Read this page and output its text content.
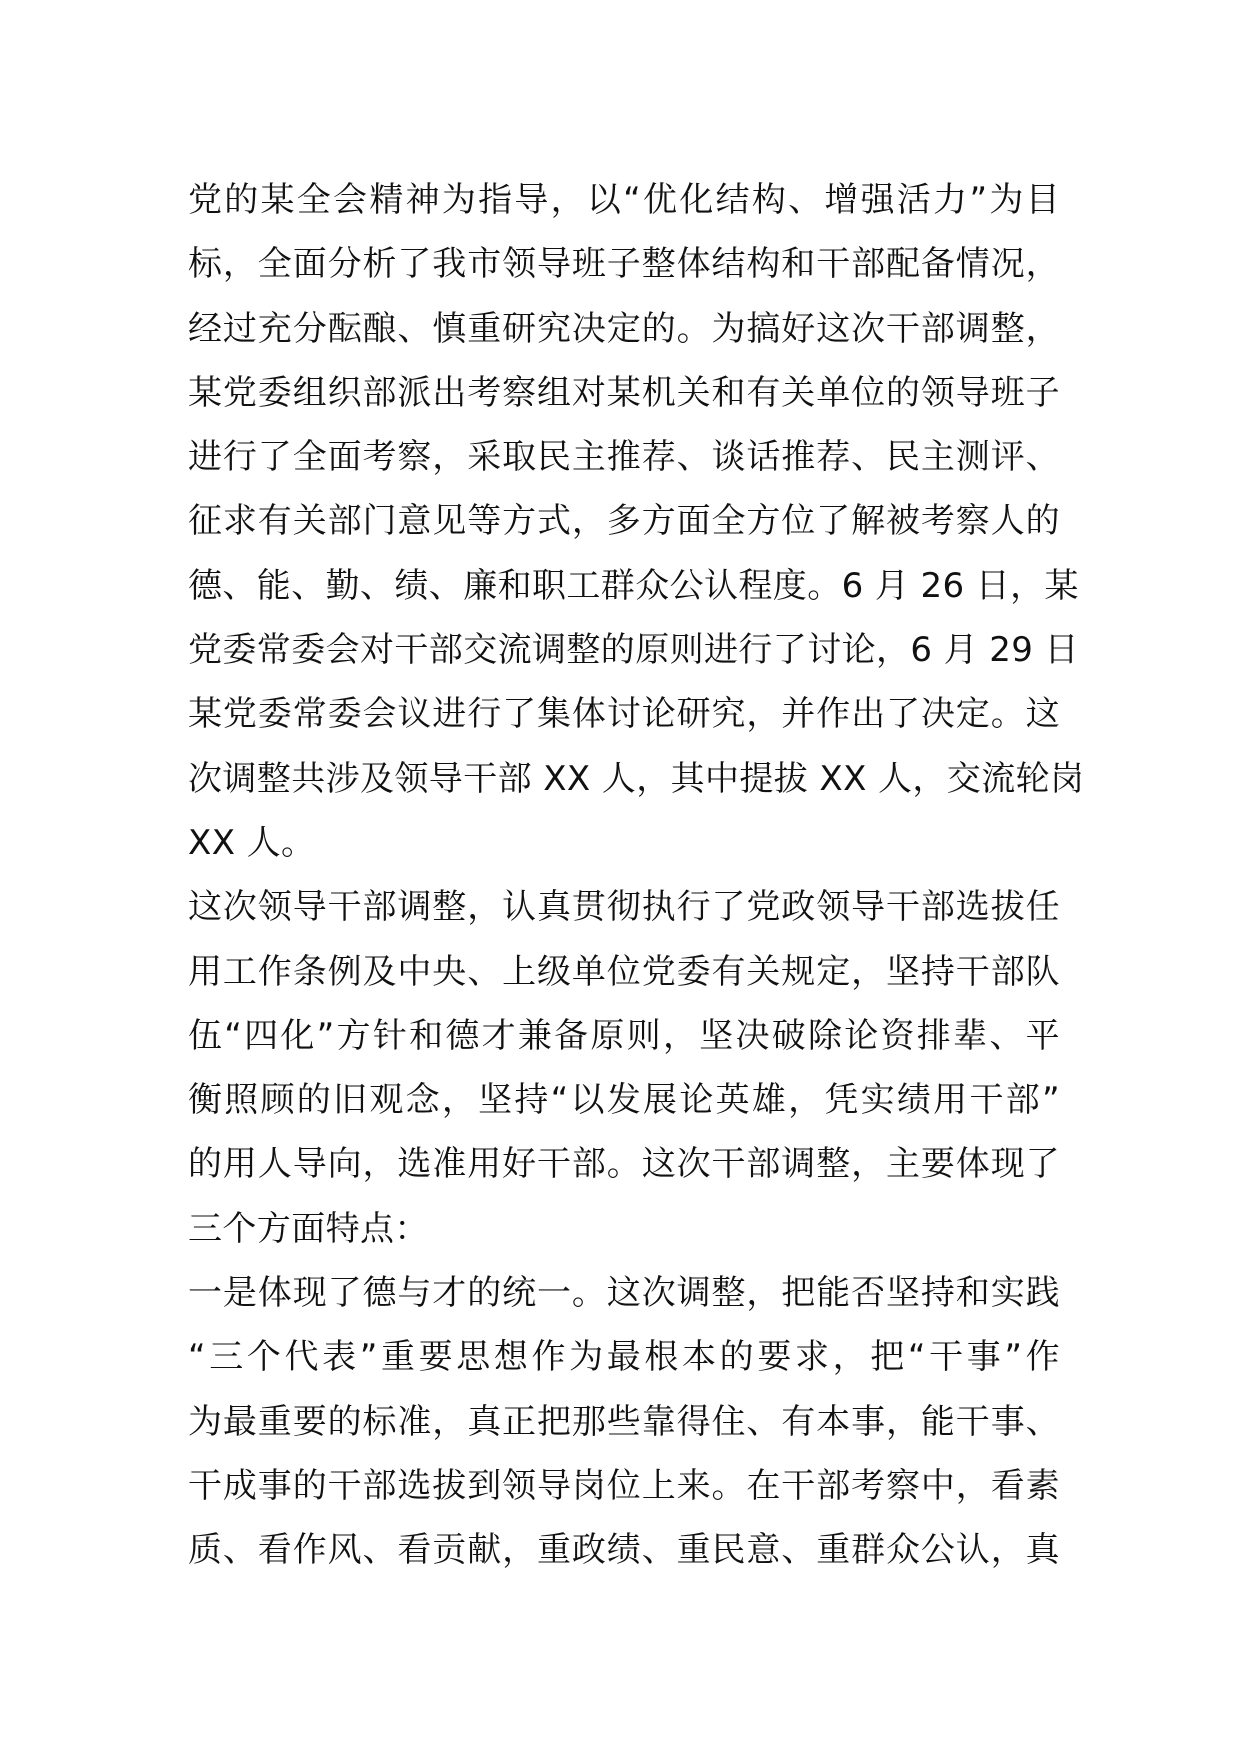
党的某全会精神为指导，以“优化结构、增强活力”为目
标，全面分析了我市领导班子整体结构和干部配备情况，
经过充分酝酿、慎重研究决定的。为搞好这次干部调整，
某党委组织部派出考察组对某机关和有关单位的领导班子
进行了全面考察，采取民主推荐、谈话推荐、民主测评、
征求有关部门意见等方式，多方面全方位了解被考察人的
德、能、勤、绩、廉和职工群众公认程度。6 月 26 日，某
党委常委会对干部交流调整的原则进行了讨论，6 月 29 日
某党委常委会议进行了集体讨论研究，并作出了决定。这
次调整共涉及领导干部 XX 人，其中提拔 XX 人，交流轮岗
XX 人。
这次领导干部调整，认真贯彻执行了党政领导干部选拔任
用工作条例及中央、上级单位党委有关规定，坚持干部队
伍“四化”方针和德才兼备原则，坚决破除论资排辈、平
衡照顾的旧观念，坚持“以发展论英雄，凭实绩用干部”
的用人导向，选准用好干部。这次干部调整，主要体现了
三个方面特点：
一是体现了德与才的统一。这次调整，把能否坚持和实践
“三个代表”重要思想作为最根本的要求，把“干事”作
为最重要的标准，真正把那些靠得住、有本事，能干事、
干成事的干部选拔到领导岗位上来。在干部考察中，看素
质、看作风、看贡献，重政绩、重民意、重群众公认，真
